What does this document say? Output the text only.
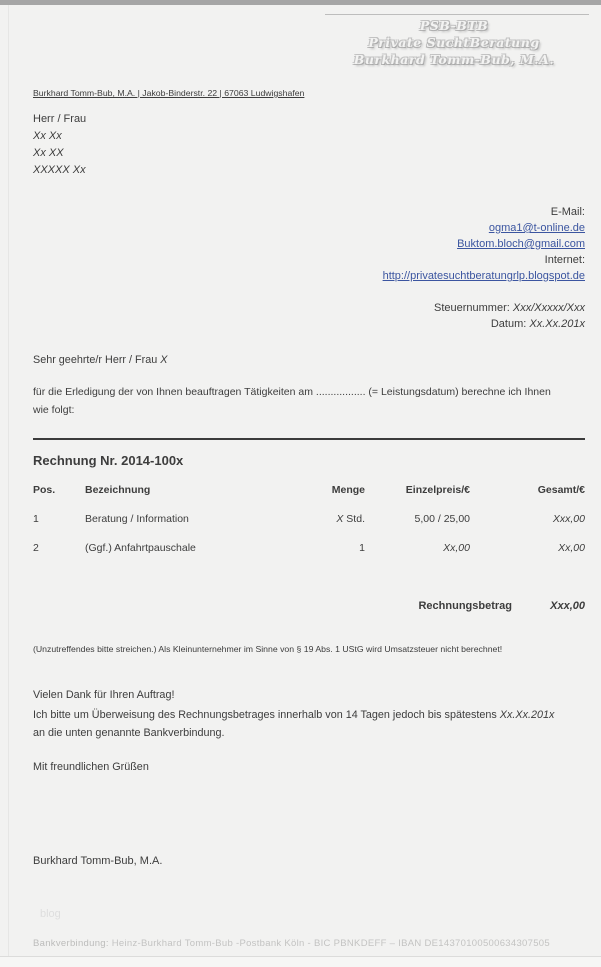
PSB-BTB
Private SuchtBeratung
Burkhard Tomm-Bub, M.A.
Burkhard Tomm-Bub, M.A. | Jakob-Binderstr. 22 | 67063 Ludwigshafen
Herr / Frau
Xx Xx
Xx XX
XXXXX Xx
E-Mail:
ogma1@t-online.de
Buktom.bloch@gmail.com
Internet:
http://privatesuchtberatungrlp.blogspot.de
Steuernummer: Xxx/Xxxxx/Xxx
Datum: Xx.Xx.201x
Sehr geehrte/r Herr / Frau X
für die Erledigung der von Ihnen beauftragen Tätigkeiten am ................. (= Leistungsdatum) berechne ich Ihnen
wie folgt:
Rechnung Nr. 2014-100x
Pos.	Bezeichnung	Menge	Einzelpreis/€	Gesamt/€
1	Beratung / Information	X Std.	5,00 / 25,00	Xxx,00
2	(Ggf.) Anfahrtpauschale	1	Xx,00	Xx,00
Rechnungsbetrag	Xxx,00
(Unzutreffendes bitte streichen.) Als Kleinunternehmer im Sinne von § 19 Abs. 1 UStG wird Umsatzsteuer nicht berechnet!
Vielen Dank für Ihren Auftrag!
Ich bitte um Überweisung des Rechnungsbetrages innerhalb von 14 Tagen jedoch bis spätestens Xx.Xx.201x
an die unten genannte Bankverbindung.
Mit freundlichen Grüßen
Burkhard Tomm-Bub, M.A.
blog
Bankverbindung: Heinz-Burkhard Tomm-Bub -Postbank Köln - BIC PBNKDEFF – IBAN DE14370100500634307505
